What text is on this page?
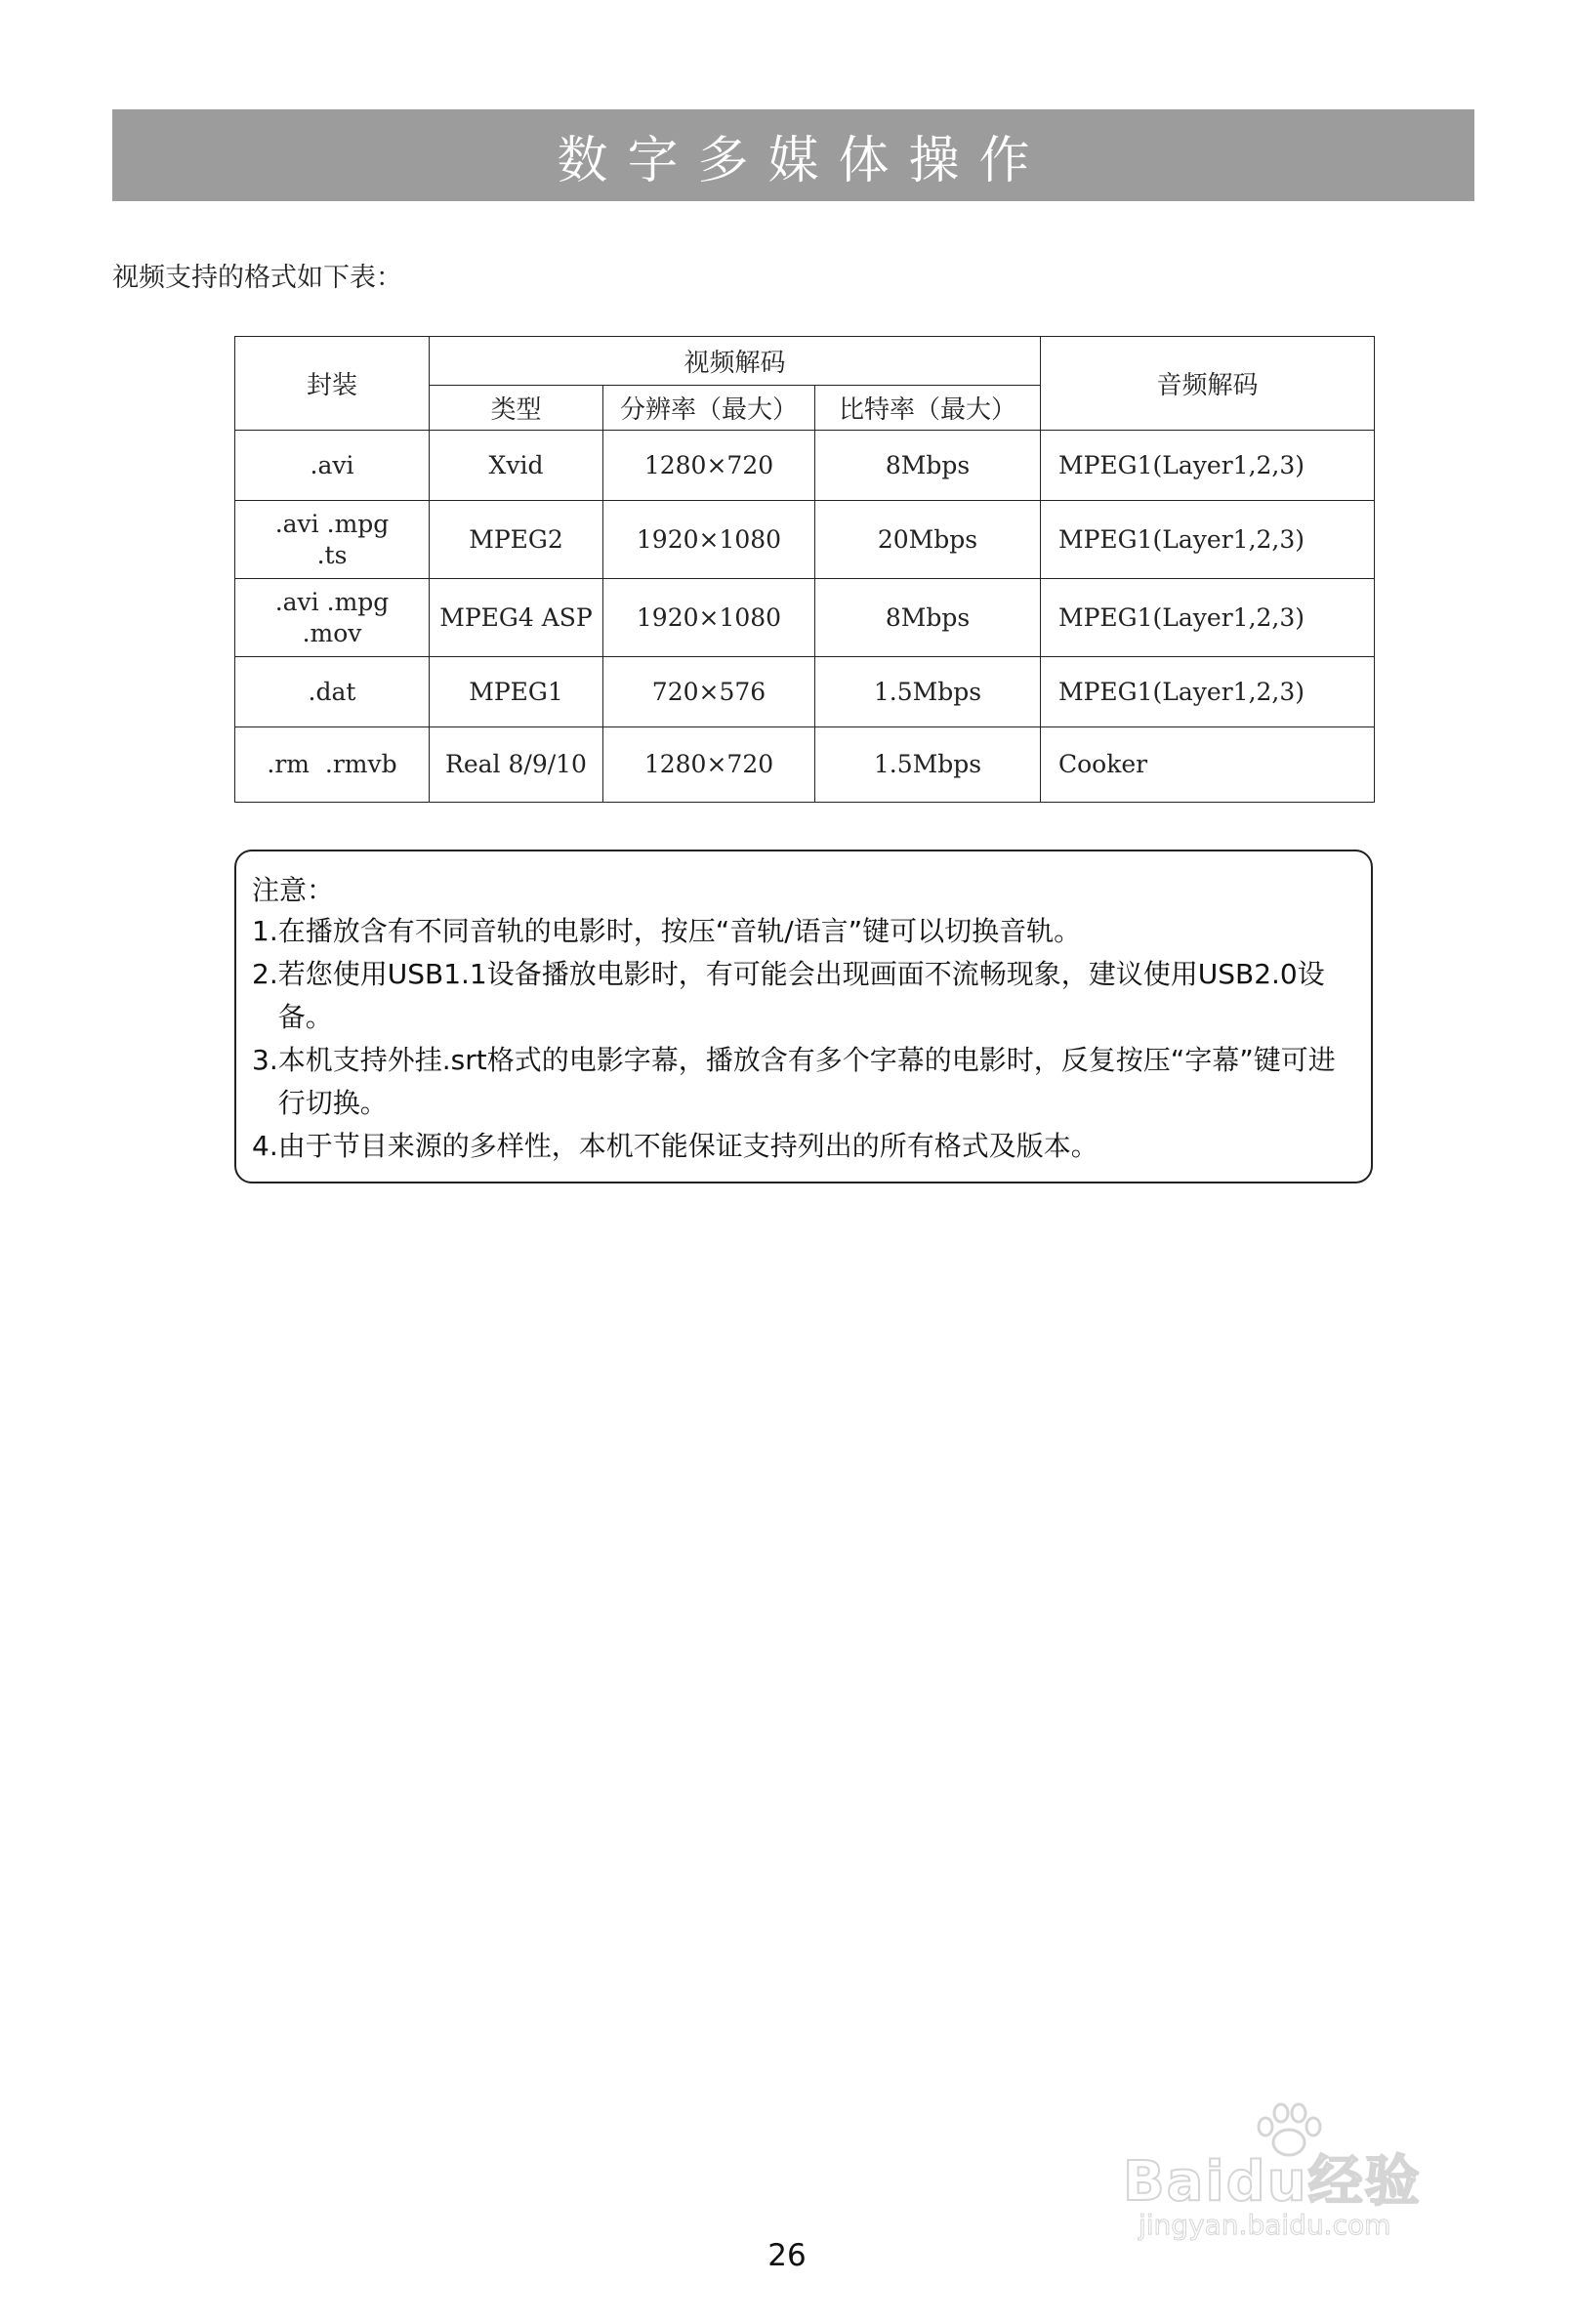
数字多媒体操作
视频支持的格式如下表：
封装	视频解码			音频解码
	类型	分辨率（最大）	比特率（最大）	
.avi	Xvid	1280×720	8Mbps	MPEG1(Layer1,2,3)
.avi .mpg
.ts	MPEG2	1920×1080	20Mbps	MPEG1(Layer1,2,3)
.avi .mpg
.mov	MPEG4 ASP	1920×1080	8Mbps	MPEG1(Layer1,2,3)
.dat	MPEG1	720×576	1.5Mbps	MPEG1(Layer1,2,3)
.rm  .rmvb	Real 8/9/10	1280×720	1.5Mbps	Cooker
注意：
1. 在播放含有不同音轨的电影时，按压“音轨/语言”键可以切换音轨。
2. 若您使用USB1.1设备播放电影时，有可能会出现画面不流畅现象，建议使用USB2.0设备。
3. 本机支持外挂.srt格式的电影字幕，播放含有多个字幕的电影时，反复按压“字幕”键可进行切换。
4. 由于节目来源的多样性，本机不能保证支持列出的所有格式及版本。
Baidu经验
jingyan.baidu.com
26
